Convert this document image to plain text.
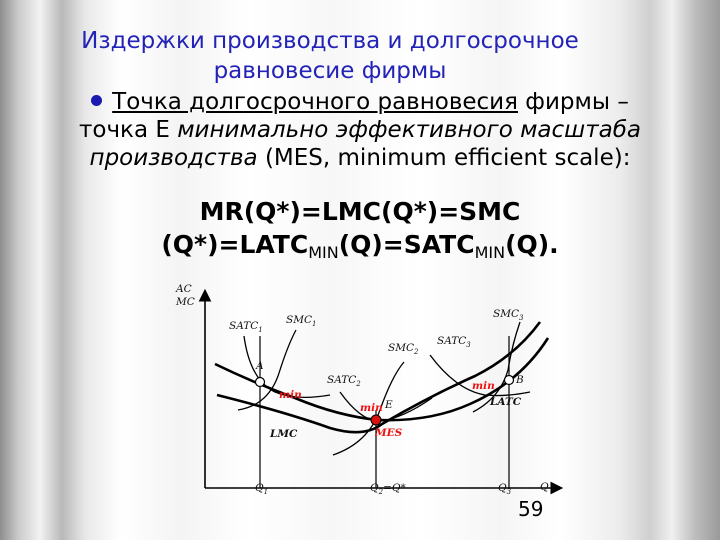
Издержки производства и долгосрочное
равновесие фирмы
Точка долгосрочного равновесия фирмы –
точка Е минимально эффективного масштаба
производства (MES, minimum efficient scale):
MR(Q*)=LMC(Q*)=SMC
$(Q*)=LATC_{MIN}(Q)=SATC_{MIN}(Q)$.
AC
MC
Q
$SATC_1$
$SMC_1$
$SMC_2$
$SATC_2$
$SATC_3$
$SMC_3$
A
B
E
min
min
min
MES
LMC
LATC
$Q_1$	$Q_2=Q*$	$Q_3$
59
